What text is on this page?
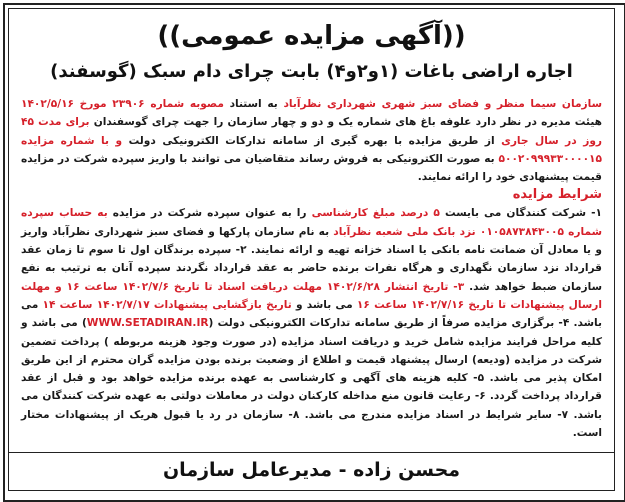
((آگهی مزایده عمومی))
اجاره اراضی باغات (۱و۲و۴) بابت چرای دام سبک (گوسفند)
سازمان سیما منظر و فضای سبز شهری شهرداری نظرآباد به استناد مصوبه شماره ۲۳۹۰۶ مورخ ۱۴۰۲/۵/۱۶ هیئت مدیره در نظر دارد علوفه باغ های شماره یک و دو و چهار سازمان را جهت چرای گوسفندان برای مدت ۴۵ روز در سال جاری از طریق مزایده با بهره گیری از سامانه تدارکات الکترونیکی دولت و با شماره مزایده ۵۰۰۲۰۹۹۹۳۳۰۰۰۰۱۵ به صورت الکترونیکی به فروش رساند متقاضیان می توانند با واریز سپرده شرکت در مزایده قیمت پیشنهادی خود را ارائه نمایند.
شرایط مزایده
۱- شرکت کنندگان می بایست ۵ درصد مبلغ کارشناسی را به عنوان سپرده شرکت در مزایده به حساب سپرده شماره ۰۱۰۵۸۷۳۸۴۳۰۰۵ نزد بانک ملی شعبه نظرآباد به نام سازمان پارکها و فضای سبز شهرداری نظرآباد واریز و یا معادل آن ضمانت نامه بانکی یا اسناد خزانه تهیه و ارائه نمایند. ۲- سپرده برندگان اول تا سوم تا زمان عقد قرارداد نزد سازمان نگهداری و هرگاه نفرات برنده حاضر به عقد قرارداد نگردند سپرده آنان به ترتیب به نفع سازمان ضبط خواهد شد. ۳- تاریخ انتشار ۱۴۰۲/۶/۲۸ مهلت دریافت اسناد تا تاریخ ۱۴۰۲/۷/۶ ساعت ۱۶ و مهلت ارسال پیشنهادات تا تاریخ ۱۴۰۲/۷/۱۶ ساعت ۱۶ می باشد و تاریخ بازگشایی پیشنهادات ۱۴۰۲/۷/۱۷ ساعت ۱۴ می باشد. ۴- برگزاری مزایده صرفاً از طریق سامانه تدارکات الکترونیکی دولت (WWW.SETADIRAN.IR) می باشد و کلیه مراحل فرایند مزایده شامل خرید و دریافت اسناد مزایده (در صورت وجود هزینه مربوطه ) پرداخت تضمین شرکت در مزایده (ودیعه) ارسال پیشنهاد قیمت و اطلاع از وضعیت برنده بودن مزایده گران محترم از این طریق امکان پذیر می باشد. ۵- کلیه هزینه های آگهی و کارشناسی به عهده برنده مزایده خواهد بود و قبل از عقد قرارداد پرداخت گردد. ۶- رعایت قانون منع مداخله کارکنان دولت در معاملات دولتی به عهده شرکت کنندگان می باشد. ۷- سایر شرایط در اسناد مزایده مندرج می باشد. ۸- سازمان در رد یا قبول هریک از پیشنهادات مختار است.
محسن زاده - مدیرعامل سازمان
